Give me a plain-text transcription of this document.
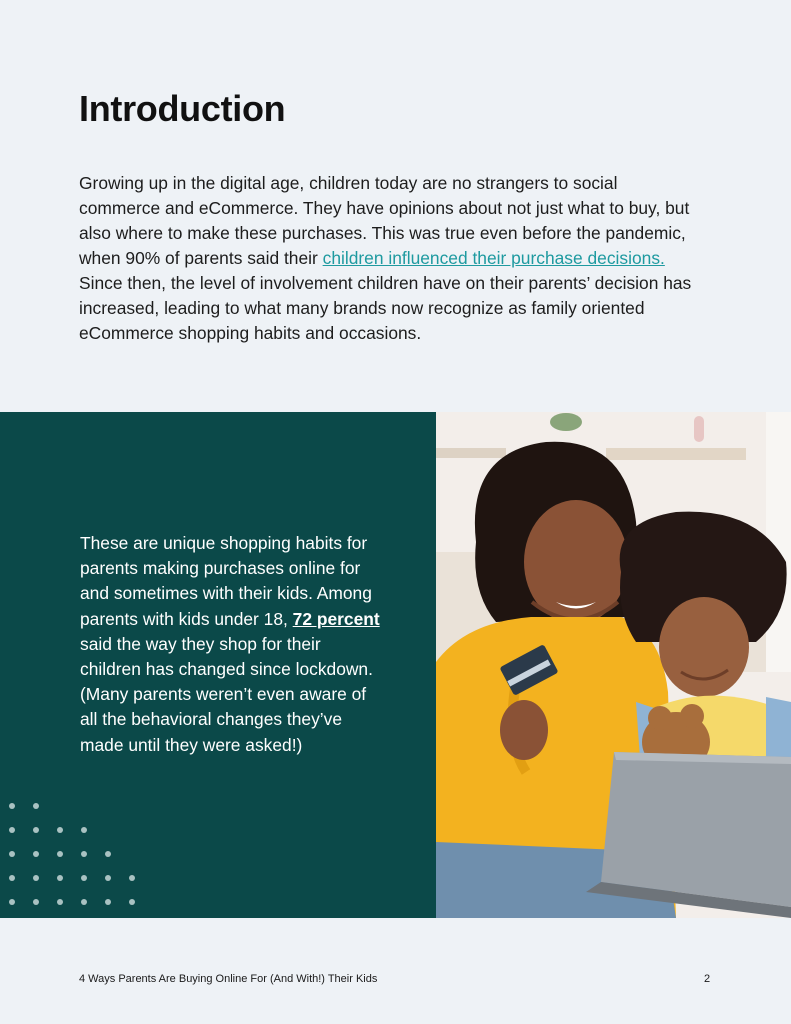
Introduction

Growing up in the digital age, children today are no strangers to social commerce and eCommerce. They have opinions about not just what to buy, but also where to make these purchases. This was true even before the pandemic, when 90% of parents said their children influenced their purchase decisions. Since then, the level of involvement children have on their parents’ decision has increased, leading to what many brands now recognize as family oriented eCommerce shopping habits and occasions.

These are unique shopping habits for parents making purchases online for and sometimes with their kids. Among parents with kids under 18, 72 percent said the way they shop for their children has changed since lockdown. (Many parents weren’t even aware of all the behavioral changes they’ve made until they were asked!)

4 Ways Parents Are Buying Online For (And With!) Their Kids	2
